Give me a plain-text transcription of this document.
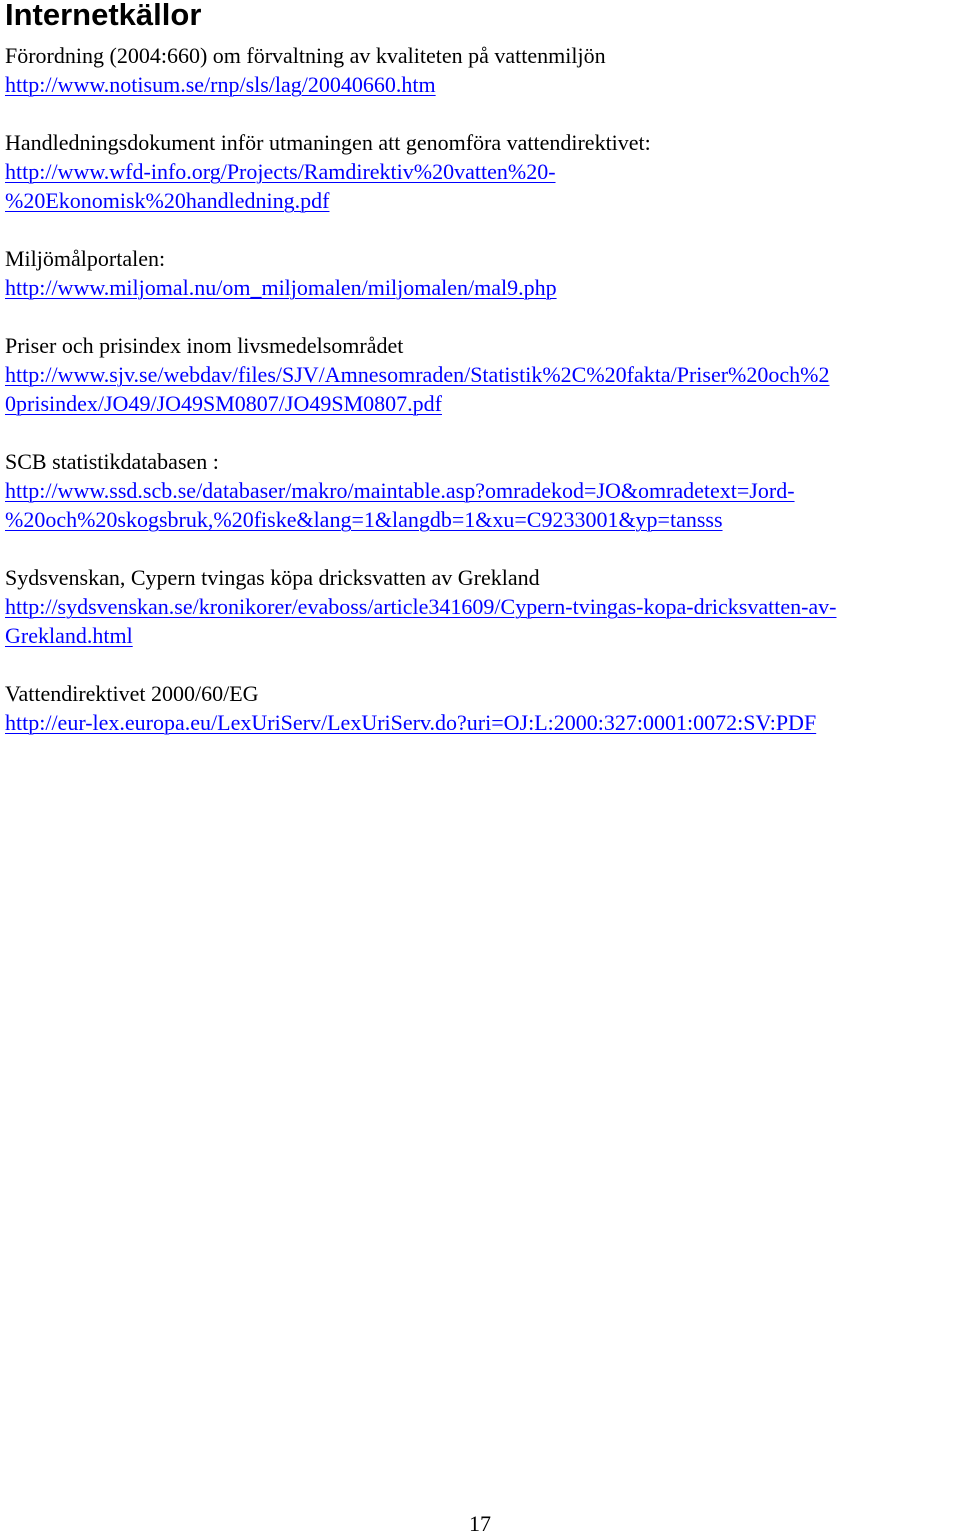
Internetkällor
Förordning (2004:660) om förvaltning av kvaliteten på vattenmiljön
http://www.notisum.se/rnp/sls/lag/20040660.htm
Handledningsdokument inför utmaningen att genomföra vattendirektivet:
http://www.wfd-info.org/Projects/Ramdirektiv%20vatten%20-
%20Ekonomisk%20handledning.pdf
Miljömålportalen:
http://www.miljomal.nu/om_miljomalen/miljomalen/mal9.php
Priser och prisindex inom livsmedelsområdet
http://www.sjv.se/webdav/files/SJV/Amnesomraden/Statistik%2C%20fakta/Priser%20och%2
0prisindex/JO49/JO49SM0807/JO49SM0807.pdf
SCB statistikdatabasen :
http://www.ssd.scb.se/databaser/makro/maintable.asp?omradekod=JO&omradetext=Jord-
%20och%20skogsbruk,%20fiske&lang=1&langdb=1&xu=C9233001&yp=tansss
Sydsvenskan, Cypern tvingas köpa dricksvatten av Grekland
http://sydsvenskan.se/kronikorer/evaboss/article341609/Cypern-tvingas-kopa-dricksvatten-av-
Grekland.html
Vattendirektivet 2000/60/EG
http://eur-lex.europa.eu/LexUriServ/LexUriServ.do?uri=OJ:L:2000:327:0001:0072:SV:PDF
17
